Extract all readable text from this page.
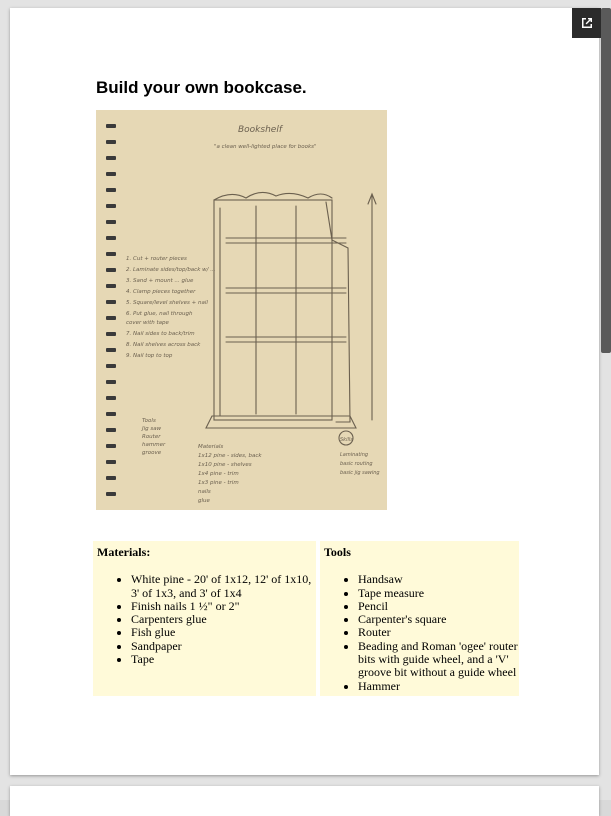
Build your own bookcase.
Bookshelf
"a clean well-lighted place for books"
1. Cut + router pieces
2. Laminate sides/top/back w/ ...
3. Sand + mount ... glue
4. Clamp pieces together
5. Square/level shelves + nail
6. Put glue, nail through
cover with tape
7. Nail sides to back/trim
8. Nail shelves across back
9. Nail top to top
Tools
Jig saw
Router
hammer
groove
Materials
1x12 pine - sides, back
1x10 pine - shelves
1x4 pine - trim
1x3 pine - trim
nails
glue
Skills
Laminating
basic routing
basic jig sawing
Materials:
• White pine - 20' of 1x12, 12' of 1x10, 3' of 1x3, and 3' of 1x4
• Finish nails 1 ½" or 2"
• Carpenters glue
• Fish glue
• Sandpaper
• Tape
Tools
• Handsaw
• Tape measure
• Pencil
• Carpenter's square
• Router
• Beading and Roman 'ogee' router bits with guide wheel, and a 'V' groove bit without a guide wheel
• Hammer
